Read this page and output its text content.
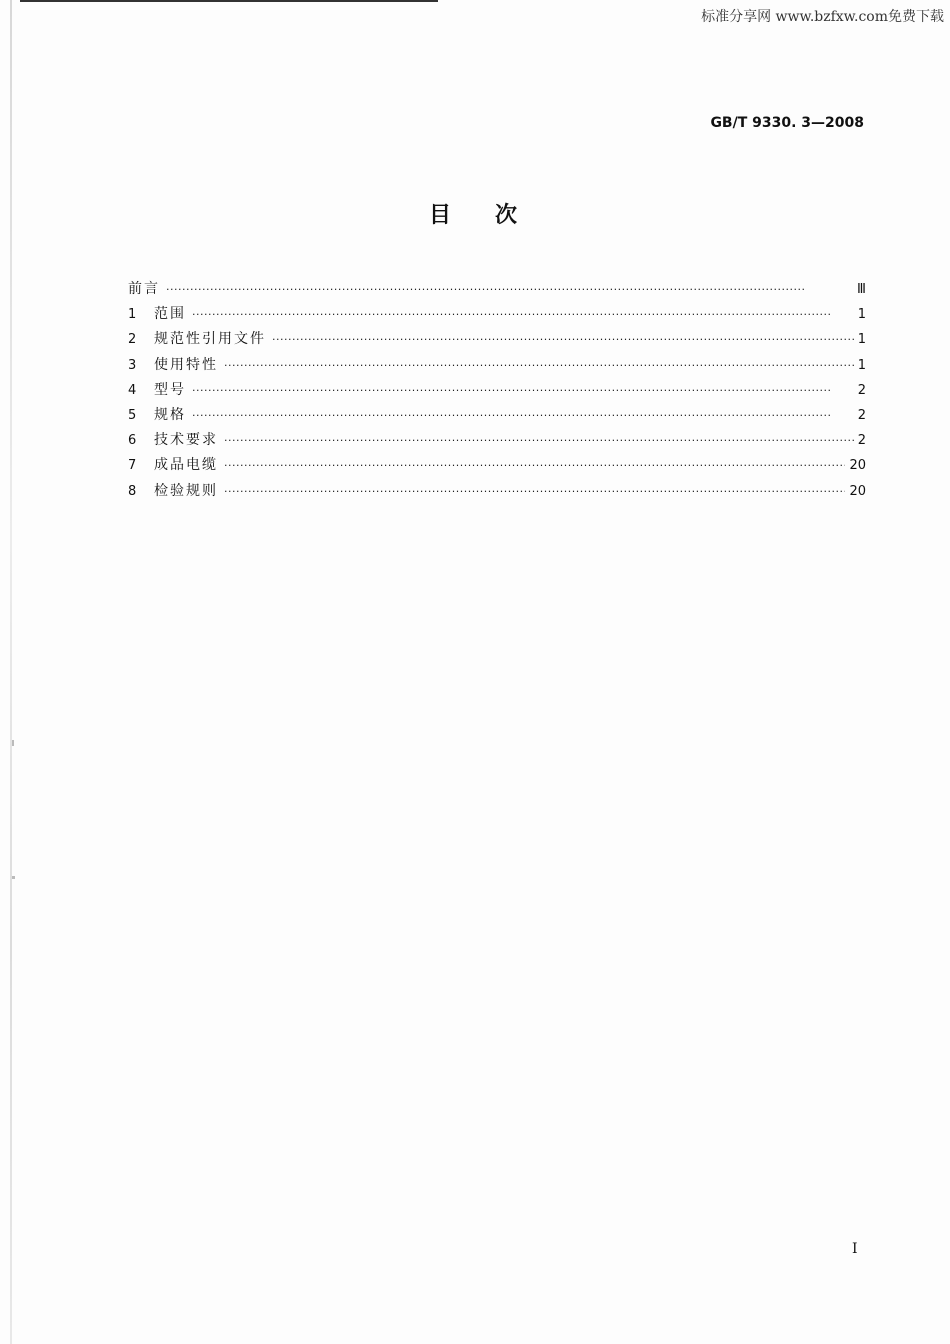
标准分享网 www.bzfxw.com免费下载
GB/T 9330. 3—2008
目次
前言 ·····	Ⅲ
1	范围 ·····	1
2	规范性引用文件 ·····	1
3	使用特性 ·····	1
4	型号 ·····	2
5	规格 ·····	2
6	技术要求 ·····	2
7	成品电缆 ·····	20
8	检验规则 ·····	20
I
